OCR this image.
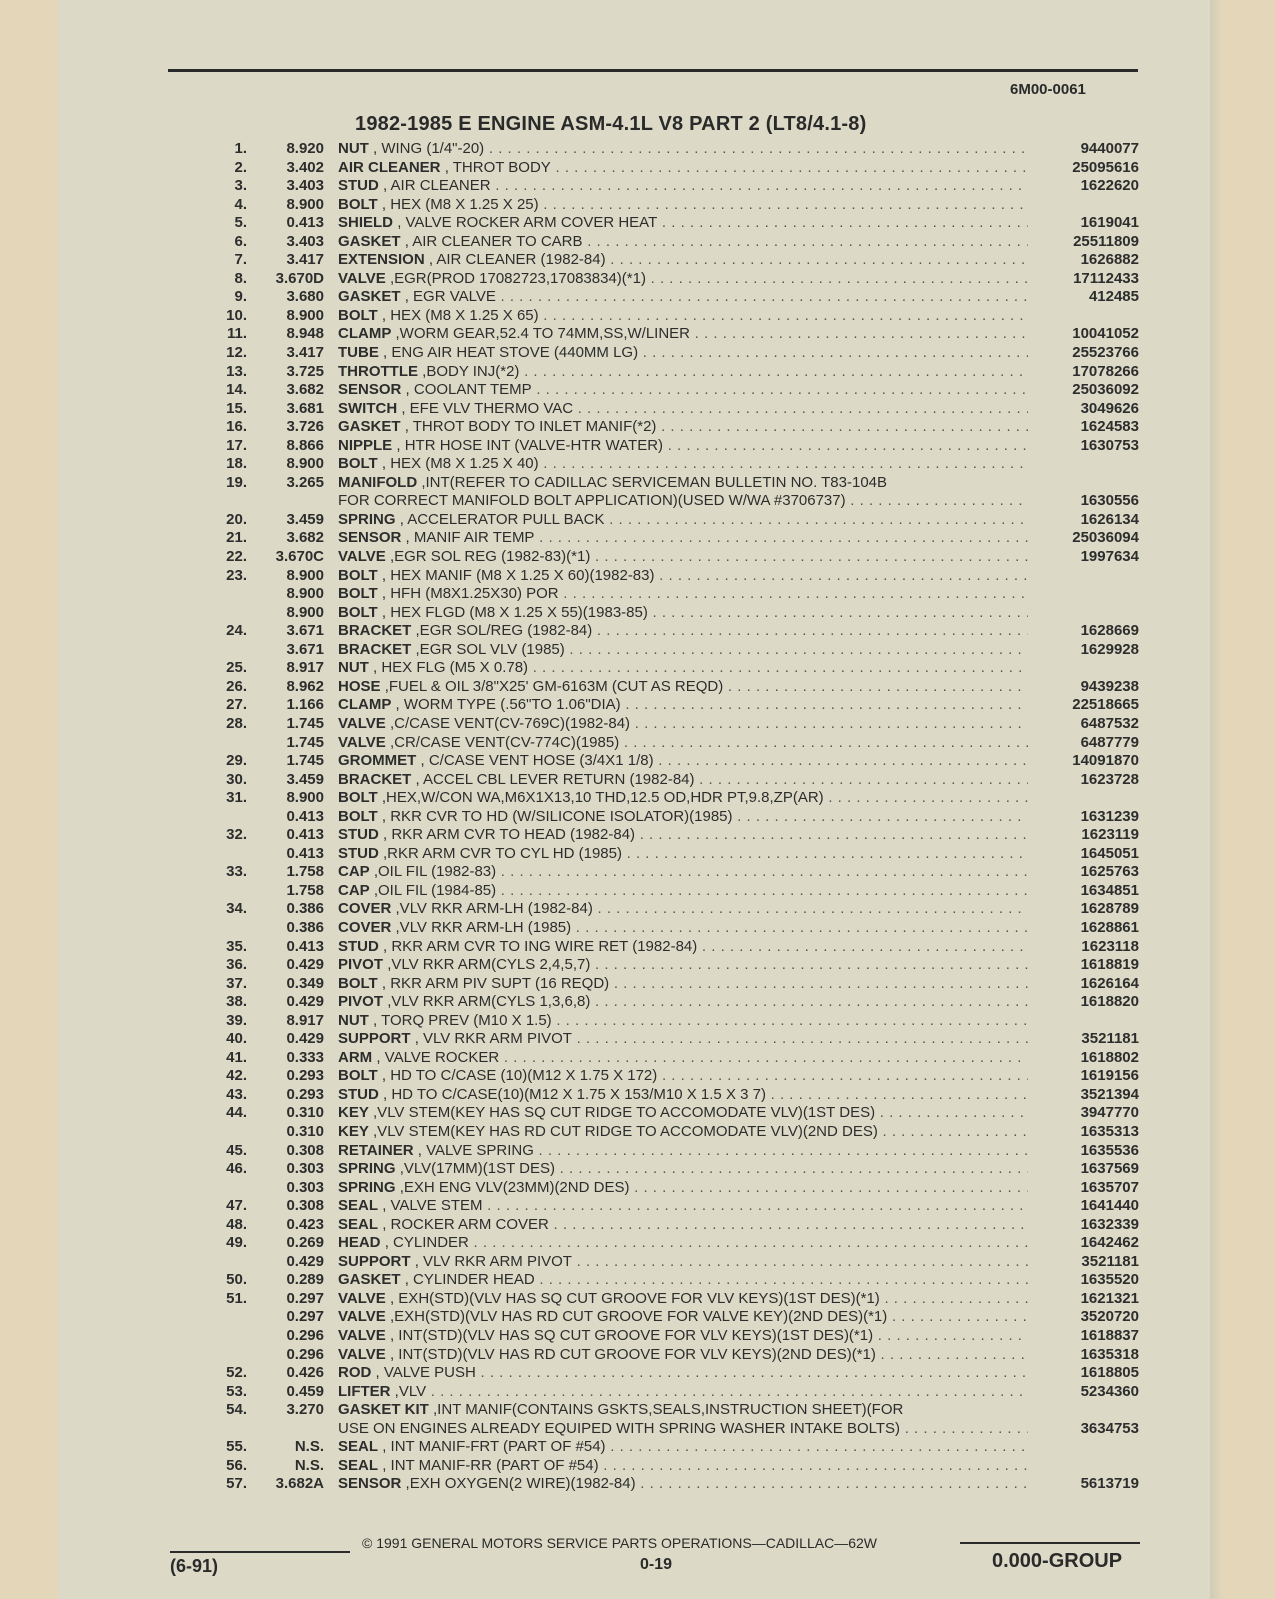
6M00-0061
1982-1985 E ENGINE ASM-4.1L V8 PART 2 (LT8/4.1-8)
1.	8.920 NUT , WING (1/4"-20) . . .	9440077
2.	3.402 AIR CLEANER , THROT BODY . . .	25095616
3.	3.403 STUD , AIR CLEANER . . .	1622620
4.	8.900 BOLT , HEX (M8 X 1.25 X 25) . . .
5.	0.413 SHIELD , VALVE ROCKER ARM COVER HEAT . . .	1619041
6.	3.403 GASKET , AIR CLEANER TO CARB . . .	25511809
7.	3.417 EXTENSION , AIR CLEANER (1982-84) . . .	1626882
8. 3.670D VALVE ,EGR(PROD 17082723,17083834)(*1) . . .	17112433
9.	3.680 GASKET , EGR VALVE . . .	412485
10.	8.900 BOLT , HEX (M8 X 1.25 X 65) . . .
11.	8.948 CLAMP ,WORM GEAR,52.4 TO 74MM,SS,W/LINER . . .	10041052
12.	3.417 TUBE , ENG AIR HEAT STOVE (440MM LG) . . .	25523766
13.	3.725 THROTTLE ,BODY INJ(*2) . . .	17078266
14.	3.682 SENSOR , COOLANT TEMP . . .	25036092
15.	3.681 SWITCH , EFE VLV THERMO VAC . . .	3049626
16.	3.726 GASKET , THROT BODY TO INLET MANIF(*2) . . .	1624583
17.	8.866 NIPPLE , HTR HOSE INT (VALVE-HTR WATER) . . .	1630753
18.	8.900 BOLT , HEX (M8 X 1.25 X 40) . . .
19.	3.265 MANIFOLD ,INT(REFER TO CADILLAC SERVICEMAN BULLETIN NO. T83-104B
FOR CORRECT MANIFOLD BOLT APPLICATION)(USED W/WA #3706737) . . .	1630556
20.	3.459 SPRING , ACCELERATOR PULL BACK . . .	1626134
21.	3.682 SENSOR , MANIF AIR TEMP . . .	25036094
22. 3.670C VALVE ,EGR SOL REG (1982-83)(*1) . . .	1997634
23.	8.900 BOLT , HEX MANIF (M8 X 1.25 X 60)(1982-83) . . .
8.900 BOLT , HFH (M8X1.25X30) POR . . .
8.900 BOLT , HEX FLGD (M8 X 1.25 X 55)(1983-85) . . .
24.	3.671 BRACKET ,EGR SOL/REG (1982-84) . . .	1628669
3.671 BRACKET ,EGR SOL VLV (1985) . . .	1629928
25.	8.917 NUT , HEX FLG (M5 X 0.78) . . .
26.	8.962 HOSE ,FUEL & OIL 3/8"X25' GM-6163M (CUT AS REQD) . . .	9439238
27.	1.166 CLAMP , WORM TYPE (.56"TO 1.06"DIA) . . .	22518665
28.	1.745 VALVE ,C/CASE VENT(CV-769C)(1982-84) . . .	6487532
1.745 VALVE ,CR/CASE VENT(CV-774C)(1985) . . .	6487779
29.	1.745 GROMMET , C/CASE VENT HOSE (3/4X1 1/8) . . .	14091870
30.	3.459 BRACKET , ACCEL CBL LEVER RETURN (1982-84) . . .	1623728
31.	8.900 BOLT ,HEX,W/CON WA,M6X1X13,10 THD,12.5 OD,HDR PT,9.8,ZP(AR) . . .
0.413 BOLT , RKR CVR TO HD (W/SILICONE ISOLATOR)(1985) . . .	1631239
32.	0.413 STUD , RKR ARM CVR TO HEAD (1982-84) . . .	1623119
0.413 STUD ,RKR ARM CVR TO CYL HD (1985) . . .	1645051
33.	1.758 CAP ,OIL FIL (1982-83) . . .	1625763
1.758 CAP ,OIL FIL (1984-85) . . .	1634851
34.	0.386 COVER ,VLV RKR ARM-LH (1982-84) . . .	1628789
0.386 COVER ,VLV RKR ARM-LH (1985) . . .	1628861
35.	0.413 STUD , RKR ARM CVR TO ING WIRE RET (1982-84) . . .	1623118
36.	0.429 PIVOT ,VLV RKR ARM(CYLS 2,4,5,7) . . .	1618819
37.	0.349 BOLT , RKR ARM PIV SUPT (16 REQD) . . .	1626164
38.	0.429 PIVOT ,VLV RKR ARM(CYLS 1,3,6,8) . . .	1618820
39.	8.917 NUT , TORQ PREV (M10 X 1.5) . . .
40.	0.429 SUPPORT , VLV RKR ARM PIVOT . . .	3521181
41.	0.333 ARM , VALVE ROCKER . . .	1618802
42.	0.293 BOLT , HD TO C/CASE (10)(M12 X 1.75 X 172) . . .	1619156
43.	0.293 STUD , HD TO C/CASE(10)(M12 X 1.75 X 153/M10 X 1.5 X 3 7) . . .	3521394
44.	0.310 KEY ,VLV STEM(KEY HAS SQ CUT RIDGE TO ACCOMODATE VLV)(1ST DES) . . .	3947770
0.310 KEY ,VLV STEM(KEY HAS RD CUT RIDGE TO ACCOMODATE VLV)(2ND DES) . . .	1635313
45.	0.308 RETAINER , VALVE SPRING . . .	1635536
46.	0.303 SPRING ,VLV(17MM)(1ST DES) . . .	1637569
0.303 SPRING ,EXH ENG VLV(23MM)(2ND DES) . . .	1635707
47.	0.308 SEAL , VALVE STEM . . .	1641440
48.	0.423 SEAL , ROCKER ARM COVER . . .	1632339
49.	0.269 HEAD , CYLINDER . . .	1642462
0.429 SUPPORT , VLV RKR ARM PIVOT . . .	3521181
50.	0.289 GASKET , CYLINDER HEAD . . .	1635520
51.	0.297 VALVE , EXH(STD)(VLV HAS SQ CUT GROOVE FOR VLV KEYS)(1ST DES)(*1) . . .	1621321
0.297 VALVE ,EXH(STD)(VLV HAS RD CUT GROOVE FOR VALVE KEY)(2ND DES)(*1) . . .	3520720
0.296 VALVE , INT(STD)(VLV HAS SQ CUT GROOVE FOR VLV KEYS)(1ST DES)(*1) . . .	1618837
0.296 VALVE , INT(STD)(VLV HAS RD CUT GROOVE FOR VLV KEYS)(2ND DES)(*1) . . .	1635318
52.	0.426 ROD , VALVE PUSH . . .	1618805
53.	0.459 LIFTER ,VLV . . .	5234360
54.	3.270 GASKET KIT ,INT MANIF(CONTAINS GSKTS,SEALS,INSTRUCTION SHEET)(FOR
USE ON ENGINES ALREADY EQUIPED WITH SPRING WASHER INTAKE BOLTS) . . .	3634753
55.	N.S. SEAL , INT MANIF-FRT (PART OF #54) . . .
56.	N.S. SEAL , INT MANIF-RR (PART OF #54) . . .
57. 3.682A SENSOR ,EXH OXYGEN(2 WIRE)(1982-84) . . .	5613719
© 1991 GENERAL MOTORS SERVICE PARTS OPERATIONS—CADILLAC—62W
(6-91)	0-19	0.000-GROUP
